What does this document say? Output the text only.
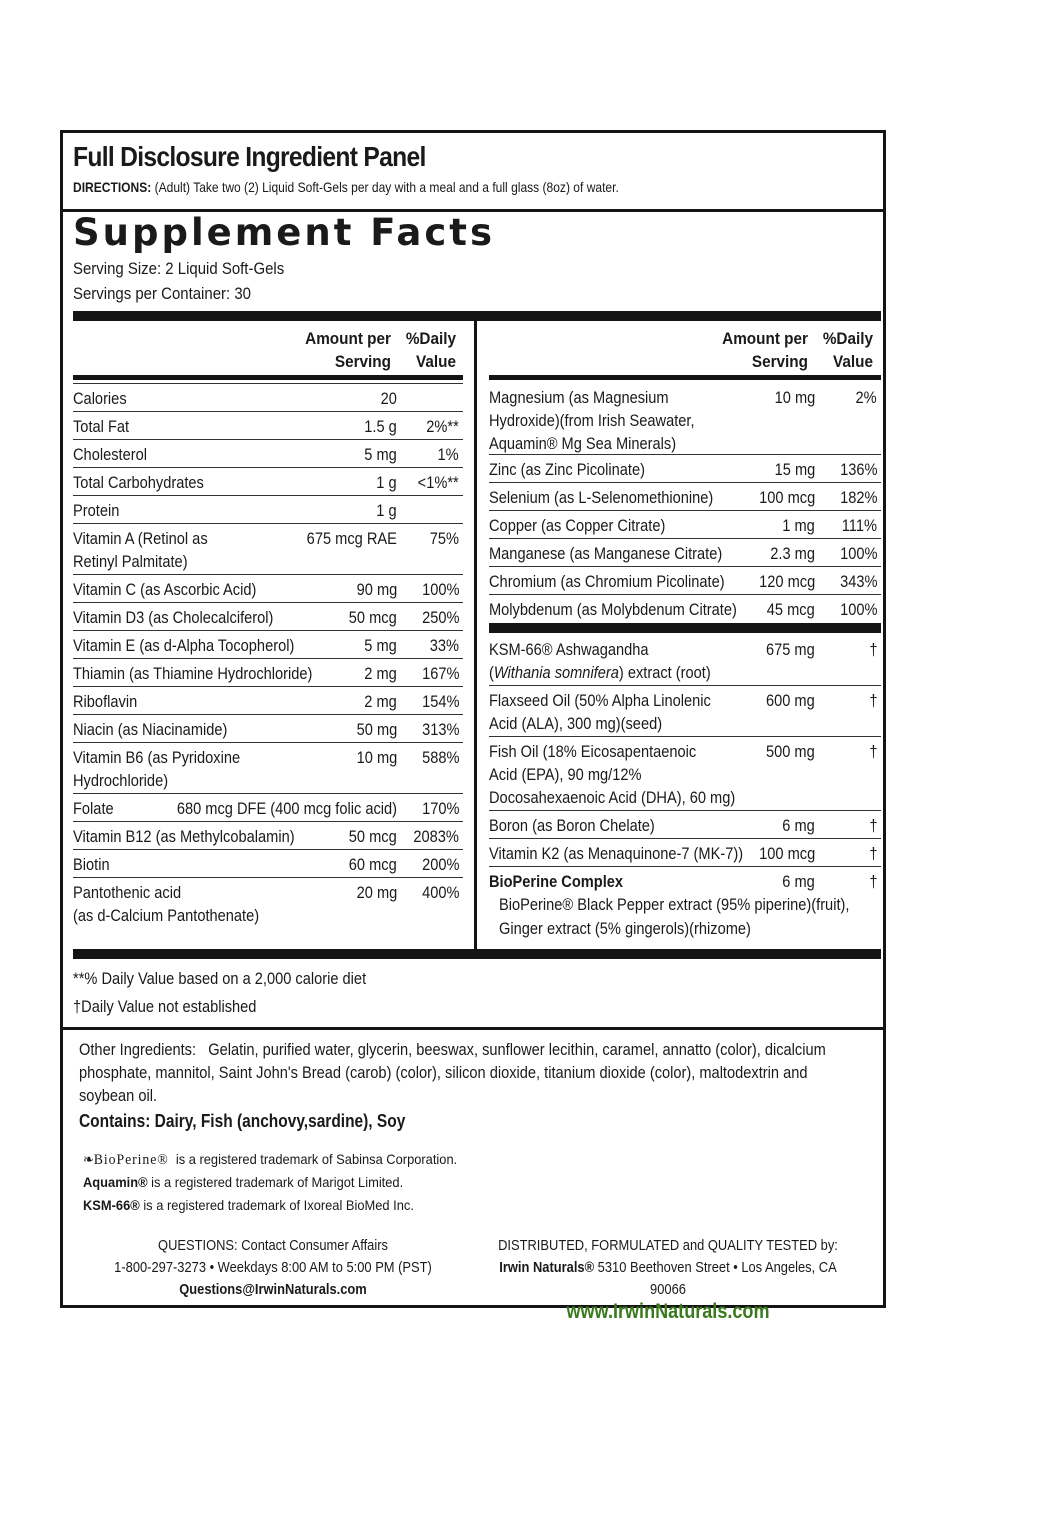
Full Disclosure Ingredient Panel
DIRECTIONS: (Adult) Take two (2) Liquid Soft-Gels per day with a meal and a full glass (8oz) of water.
Supplement Facts
Serving Size: 2 Liquid Soft-Gels
Servings per Container: 30
Amount per
Serving
%Daily
Value
Amount per
Serving
%Daily
Value
Calories	20
Total Fat	1.5 g 2%**
Cholesterol	5 mg 1%
Total Carbohydrates	1 g <1%**
Protein	1 g
Vitamin A (Retinol as
Retinyl Palmitate)
675 mcg RAE 75%
Vitamin C (as Ascorbic Acid)	90 mg 100%
Vitamin D3 (as Cholecalciferol)	50 mcg 250%
Vitamin E (as d-Alpha Tocopherol)	5 mg 33%
Thiamin (as Thiamine Hydrochloride)	2 mg 167%
Riboflavin	2 mg 154%
Niacin (as Niacinamide)	50 mg 313%
Vitamin B6 (as Pyridoxine
Hydrochloride)
10 mg 588%
Folate	680 mcg DFE (400 mcg folic acid) 170%
Vitamin B12 (as Methylcobalamin)	50 mcg 2083%
Biotin	60 mcg 200%
Pantothenic acid
(as d-Calcium Pantothenate)
20 mg 400%
Magnesium (as Magnesium
Hydroxide)(from Irish Seawater,
Aquamin® Mg Sea Minerals)
10 mg 2%
Zinc (as Zinc Picolinate)	15 mg 136%
Selenium (as L-Selenomethionine)	100 mcg 182%
Copper (as Copper Citrate)	1 mg 111%
Manganese (as Manganese Citrate)	2.3 mg 100%
Chromium (as Chromium Picolinate) 120 mcg 343%
Molybdenum (as Molybdenum Citrate) 45 mcg 100%
KSM-66® Ashwagandha
(Withania somnifera) extract (root)
675 mg	†
Flaxseed Oil (50% Alpha Linolenic
Acid (ALA), 300 mg)(seed)
600 mg	†
Fish Oil (18% Eicosapentaenoic
Acid (EPA), 90 mg/12%
Docosahexaenoic Acid (DHA), 60 mg)
500 mg	†
Boron (as Boron Chelate)	6 mg	†
Vitamin K2 (as Menaquinone-7 (MK-7)) 100 mcg	†
BioPerine Complex	6 mg	†
BioPerine® Black Pepper extract (95% piperine)(fruit),
Ginger extract (5% gingerols)(rhizome)
**% Daily Value based on a 2,000 calorie diet
†Daily Value not established
Other Ingredients: Gelatin, purified water, glycerin, beeswax, sunflower lecithin, caramel, annatto (color), dicalcium phosphate, mannitol, Saint John's Bread (carob) (color), silicon dioxide, titanium dioxide (color), maltodextrin and soybean oil.
Contains: Dairy, Fish (anchovy,sardine), Soy
❧BioPerine® is a registered trademark of Sabinsa Corporation.
Aquamin® is a registered trademark of Marigot Limited.
KSM-66® is a registered trademark of Ixoreal BioMed Inc.
QUESTIONS: Contact Consumer Affairs
1-800-297-3273 • Weekdays 8:00 AM to 5:00 PM (PST)
Questions@IrwinNaturals.com
DISTRIBUTED, FORMULATED and QUALITY TESTED by:
Irwin Naturals® 5310 Beethoven Street • Los Angeles, CA 90066
www.IrwinNaturals.com
